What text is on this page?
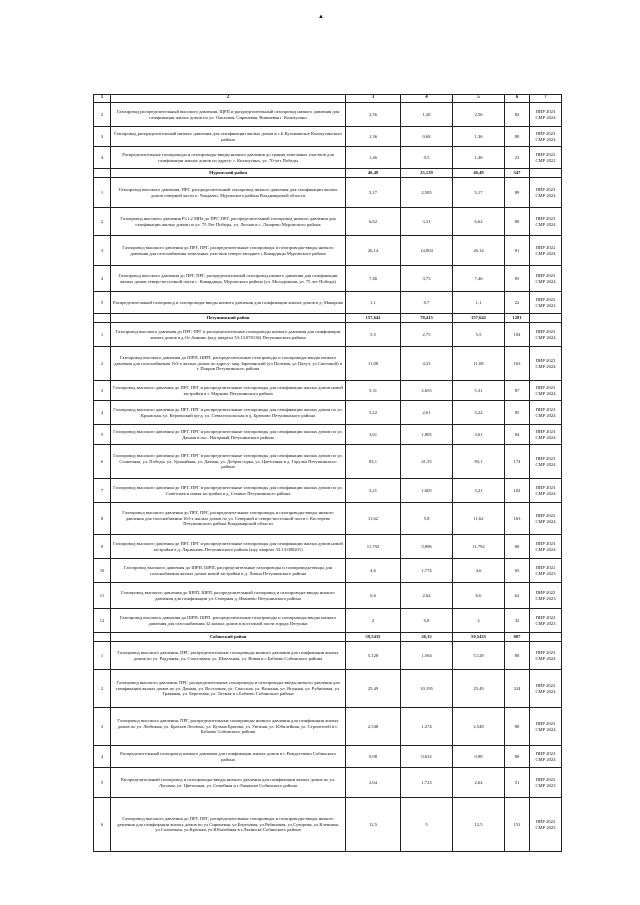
▲
1	2	3	4	5	6	7
2	Газопровод распределительный высокого давления, ЩРП и распределительный газопровод низкого давления для газификации жилых домов по ул. Ольховая, Сиреневая, Вишневая г. Кольчугино	2,56	1,28	2,56	82	ПИР 2023
СМР 2024
3	Газопровод распределительный низкого давления для газификации жилых домов в с.Б.Кузьминское Кольчугинского района	1,36	0,68	1,36	80	ПИР 2023
СМР 2024
4	Распределительные газопроводы и газопроводы-вводы низкого давления до границ земельных участков для газификации жилых домов по адресу: г. Кольчугино, ул. 70-лет Победы	1,46	0,5	1,46	23	ПИР 2022
СМР 2022
	Муромский район	46,49	25,129	46,49	347	
1	Газопровод высокого давления, ПРГ, распределительный газопровод низкого давления для газификации жилых домов северной части п. Чаадаево, Муромского района Владимирской области	5,17	2,585	5,17	89	ПИР 2023
СМР 2024
2	Газопровод высокого давления Р≤1,2 МПа до ПРГ, ПРГ, распределительный газопровод низкого давления для газификации жилых домов по ул. 75 Лет Победы, ул. Лесная в с. Лазарево Муромского района	6,62	3,31	6,62	80	ПИР 2023
СМР 2024
3	Газопровод высокого давления до ПРГ, ПРГ, распределительные газопроводы и газопроводы-вводы низкого давления для газоснабжения земельных участков северо-западнее с.Ковардицы Муромского района	26,14	14,804	26,14	81	ПИР 2022
СМР 2024
4	Газопровод высокого давления до ПРГ, ПРГ, распределительный газопровод низкого давления для газификации жилых домов северо-восточной части с. Ковардицы, Муромского района (ул. Молодежная, ул. 75 лет Победы)	7,46	3,73	7,46	85	ПИР 2023
СМР 2024
5	Распределительный газопровод и газопроводы-вводы низкого давления для газификации жилых домов в д. Макарова	1,1	0,7	1,1	22	ПИР 2022
СМР 2022
	Петушинский район	157,642	78,415	157,642	1201	
1	Газопровод высокого давления до ПРГ, ПРГ и распределительные газопроводы низкого давления для газификации жилых домов в д.От Аннино (кад. квартал 33:13:070136) Петушинского района	5,5	2,75	5,5	104	ПИР 2023
СМР 2024
2	Газопровод высокого давления до ШРП, ШРП, распределительные газопроводы и газопроводы-вводы низкого давления для газоснабжения 163-х жилых домов по адресу: мкр Заречинский (ул Полевая, ул Палуч, ул Снегиной) в г. Покров Петушинского района	11,08	4,33	11,08	163	ПИР 2022
СМР 2024
3	Газопровод высокого давления до ПРГ, ПРГ и распределительные газопроводы для газификации жилых домов новой застройки в г. Марково Петушинского района	5,31	2,655	5,31	87	ПИР 2023
СМР 2024
4	Газопровод высокого давления до ПРГ, ПРГ и распределительные газопроводы для газификации жилых домов по ул. Крымская, ул. Керченский пр-д, ул. Севастопольская в д. Брюхово Петушинского района	5,22	2,61	5,22	85	ПИР 2023
СМР 2024
5	Газопровод высокого давления до ПРГ, ПРГ и распределительные газопроводы для газификации жилых домов по ул. Дачная в пос. Нагорный Петушинского района	3,61	1,805	3,61	84	ПИР 2023
СМР 2024
6	Газопровод высокого давления до ПРГ, ПРГ и распределительные газопроводы для газификации жилых домов по ул. Солнечная, ул. Победы, ул. Урожайная, ул. Дачная, ул. Добрая горка, ул. Цветочная в д. Гарулка Петушинского района	83,1	41,55	83,1	174	ПИР 2023
СМР 2024
7	Газопровод высокого давления до ПРГ, ПРГ и распределительные газопроводы для газификации жилых домов по ул. Советская и новая застройка в д. Семино Петушинского района	3,21	1,605	3,21	102	ПИР 2023
СМР 2024
8	Газопровод высокого давления до ПРГ, ПРГ, распределительные газопроводы и газопроводы-вводы низкого давления для газоснабжения 163-х жилых домов по ул. Северной и северо-восточной части г. Костерево Петушинского района Владимирской области	11,62	5,8	11,62	163	ПИР 2022
СМР 2024
9	Газопровод высокого давления до ПРГ, ПРГ и распределительные газопроводы для газификации жилых домов новой застройки в д. Ларионово Петушинского района (кад. квартал 33:13:080201)	11,792	5,896	11,792	80	ПИР 2023
СМР 2024
10	Газопровод высокого давления до ШРП, ШРП, распределительные газопроводы и газопроводы-вводы для газоснабжения жилых домов новой застройки в д. Липна Петушинского района	4,6	1,774	4,6	65	ПИР 2022
СМР 2023
11	Газопровод высокого давления до ШРП, ШРП, распределительный газопровод и газопроводы-вводы низкого давления для газификации ул. Северная д. Ивашево Петушинского района	6,6	2,64	6,6	62	ПИР 2022
СМР 2023
12	Газопровод высокого давления до ШРП, ШРП, распределительные газопроводы и газопроводы-вводы низкого давления для газоснабжения 32 жилых домов в восточной части города Петушки	2	0,8	2	32	ПИР 2022
СМР 2023
	Собинский район	59,5435	26,33	59,5435	807	
1	Газопровод высокого давления, ПРГ, распределительные газопроводы низкого давления для газификации жилых домов по ул. Радужная, ул. Счастливая, ул. Шмельная, ул. Новая в с.Бабаево Собинского района	5,128	1,564	5,128	80	ПИР 2023
СМР 2024
2	Газопровод высокого давления, ПРГ, распределительные газопроводы и газопроводы-вводы низкого давления для газификации жилых домов по ул. Дачная, ул. Восточная, ул. Спасская, ул. Вольная, ул. Ягодная, ул. Рубиновая, ул. Травяная, ул. Березовая, ул. Лесная в с.Бабаево Собинского района	25,49	10,195	25,49	324	ПИР 2022
СМР 2024
3	Газопровод высокого давления, ПРГ, распределительные газопроводы низкого давления для газификации жилых домов по ул. Любимая, ул. Братьев Лесевых, ул. Кузьма Братова, ул. Уютная, ул. Юбилейная, ул. Строителей в с. Бабаево Собинского района	2,548	1,274	2,548	80	ПИР 2023
СМР 2024
4	Распределительный газопровод низкого давления для газификации жилых домов в с.Рождествено Собинского района	0,98	0,632	0,98	80	ПИР 2023
СМР 2024
5	Распределительный газопровод и газопроводы-вводы низкого давления для газификации жилых домов по ул. Луговая, ул. Цветочная, ул. Семейная и г.Лакинске Собинского района	2,64	1,723	2,64	51	ПИР 2022
СМР 2023
6	Газопровод высокого давления до ПРГ, ПРГ, распределительные газопроводы и газопроводы-вводы низкого давления для газификации жилых домов по ул.Сиреневая, ул.Березовая, ул.Рябиновая, ул.Суворова, ул.Кленовая, ул.Солнечная, ул.Красная, ул.Юбилейная в г.Лакинске Собинского района	12,5	5	12,5	151	ПИР 2022
СМР 2023
